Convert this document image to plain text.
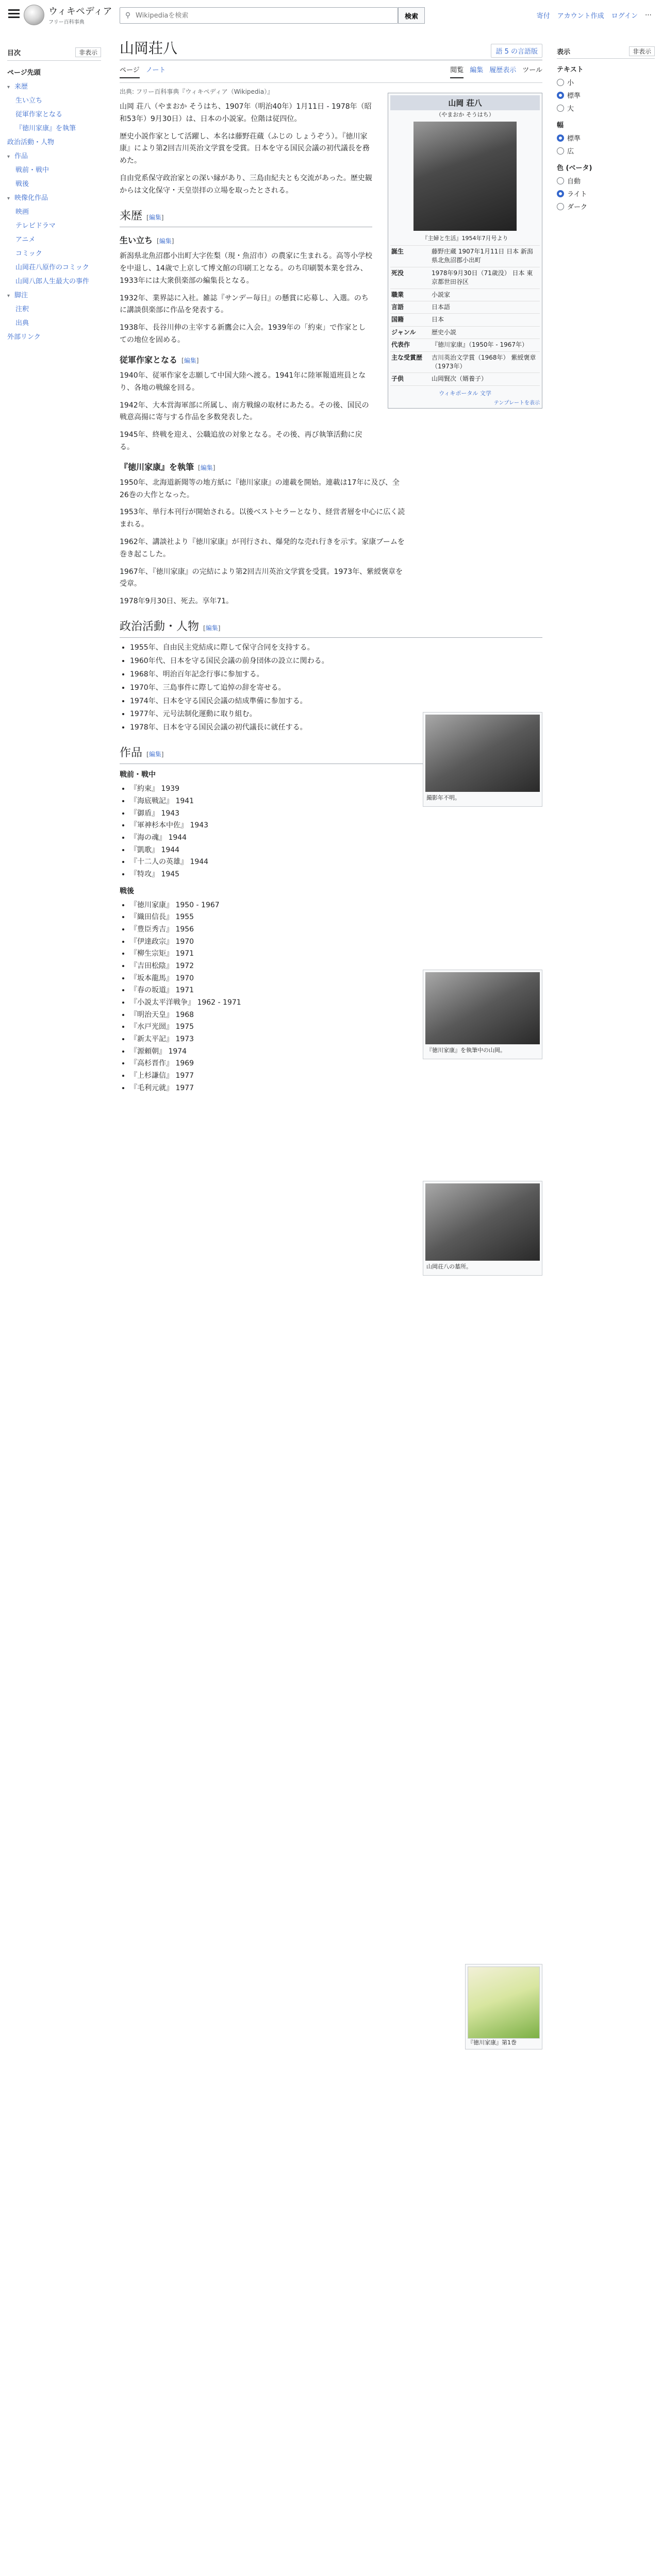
ウィキペディア
フリー百科事典
⚲
Wikipediaを検索	検索	寄付 アカウント作成 ログイン ⋯
目次	非表示
ページ先頭
▾ 来歴
生い立ち
従軍作家となる
『徳川家康』を執筆
政治活動・人物
▾ 作品
戦前・戦中
戦後
▾ 映像化作品
映画
テレビドラマ
アニメ
コミック
山岡荘八原作のコミック
山岡八郎人生最大の事件
▾ 脚注
注釈
出典
外部リンク
山岡荘八	語 5 の言語版
ページ ノート	閲覧 編集 履歴表示 ツール
出典: フリー百科事典『ウィキペディア（Wikipedia）』

山岡 荘八（やまおか そうはち、1907年（明治40年）1月11日 - 1978年（昭和53年）9月30日）は、日本の小説家。位階は従四位。

歴史小説作家として活躍し、本名は藤野荘蔵（ふじの しょうぞう）。『徳川家康』により第2回吉川英治文学賞を受賞。日本を守る国民会議の初代議長を務めた。

自由党系保守政治家との深い縁があり、三島由紀夫とも交流があった。歴史観からは文化保守・天皇崇拝の立場を取ったとされる。

来歴 [編集]
生い立ち [編集]

新潟県北魚沼郡小出町大字佐梨（現・魚沼市）の農家に生まれる。高等小学校を中退し、14歳で上京して博文館の印刷工となる。のち印刷製本業を営み、1933年には大衆倶楽部の編集長となる。

1932年、業界誌に入社。雑誌『サンデー毎日』の懸賞に応募し、入選。のちに講談倶楽部に作品を発表する。

1938年、長谷川伸の主宰する新鷹会に入会。1939年の「約束」で作家としての地位を固める。

従軍作家となる [編集]

1940年、従軍作家を志願して中国大陸へ渡る。1941年に陸軍報道班員となり、各地の戦線を回る。

1942年、大本営海軍部に所属し、南方戦線の取材にあたる。その後、国民の戦意高揚に寄与する作品を多数発表した。

1945年、終戦を迎え、公職追放の対象となる。その後、再び執筆活動に戻る。

『徳川家康』を執筆 [編集]

1950年、北海道新聞等の地方紙に『徳川家康』の連載を開始。連載は17年に及び、全26巻の大作となった。

1953年、単行本刊行が開始される。以後ベストセラーとなり、経営者層を中心に広く読まれる。

1962年、講談社より『徳川家康』が刊行され、爆発的な売れ行きを示す。家康ブームを巻き起こした。

1967年、『徳川家康』の完結により第2回吉川英治文学賞を受賞。1973年、紫綬褒章を受章。

1978年9月30日、死去。享年71。

政治活動・人物 [編集]
• 1955年、自由民主党結成に際して保守合同を支持する。
• 1960年代、日本を守る国民会議の前身団体の設立に関わる。
• 1968年、明治百年記念行事に参加する。
• 1970年、三島事件に際して追悼の辞を寄せる。
• 1974年、日本を守る国民会議の結成準備に参加する。
• 1977年、元号法制化運動に取り組む。
• 1978年、日本を守る国民会議の初代議長に就任する。
作品 [編集]
戦前・戦中
• 『約束』 1939
• 『海底戦記』 1941
• 『御盾』 1943
• 『軍神杉本中佐』 1943
• 『海の魂』 1944
• 『凱歌』 1944
• 『十二人の英雄』 1944
• 『特攻』 1945
戦後
• 『徳川家康』 1950 - 1967
• 『織田信長』 1955
• 『豊臣秀吉』 1956
• 『伊達政宗』 1970
• 『柳生宗矩』 1971
• 『吉田松陰』 1972
• 『坂本龍馬』 1970
• 『春の坂道』 1971
• 『小説太平洋戦争』 1962 - 1971
• 『明治天皇』 1968
• 『水戸光圀』 1975
• 『新太平記』 1973
• 『源頼朝』 1974
• 『高杉晋作』 1969
• 『上杉謙信』 1977
• 『毛利元就』 1977
山岡 荘八
（やまおか そうはち）
『主婦と生活』1954年7月号より
誕生	藤野庄蔵 1907年1月11日 日本 新潟県北魚沼郡小出町
死没	1978年9月30日（71歳没） 日本 東京都世田谷区
職業	小説家
言語	日本語
国籍	日本
ジャンル	歴史小説
代表作	『徳川家康』（1950年 - 1967年）
主な受賞歴	吉川英治文学賞（1968年） 紫綬褒章（1973年）
子供	山岡賢次（婿養子）
ウィキポータル 文学
テンプレートを表示
撮影年不明。
『徳川家康』を執筆中の山岡。
山岡荘八の墓所。
『徳川家康』第1巻
表示	非表示
テキスト
小
標準
大
幅
標準
広
色 (ベータ)
自動
ライト
ダーク
